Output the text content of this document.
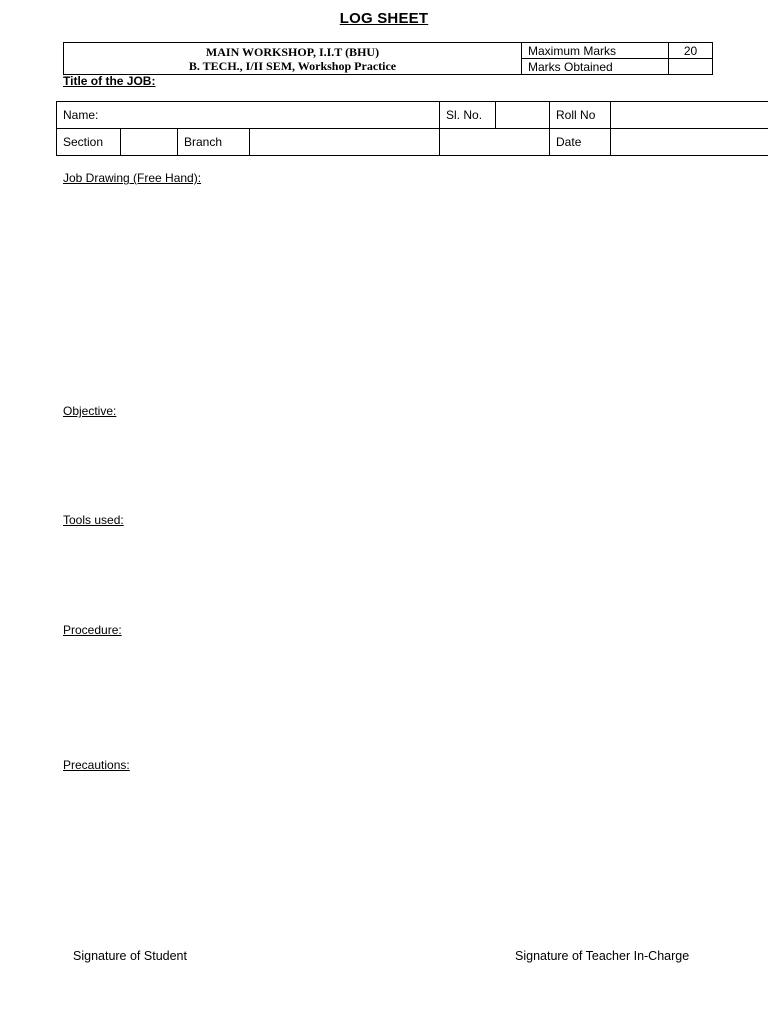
LOG SHEET
MAIN WORKSHOP, I.I.T (BHU)
B. TECH., I/II SEM, Workshop Practice	Maximum Marks	20
	Marks Obtained	
Title of the JOB:
Name:			Sl. No.		Roll No	
Section		Branch			Date	
Job Drawing (Free Hand):
Objective:
Tools used:
Procedure:
Precautions:
Signature of Student	Signature of Teacher In-Charge
